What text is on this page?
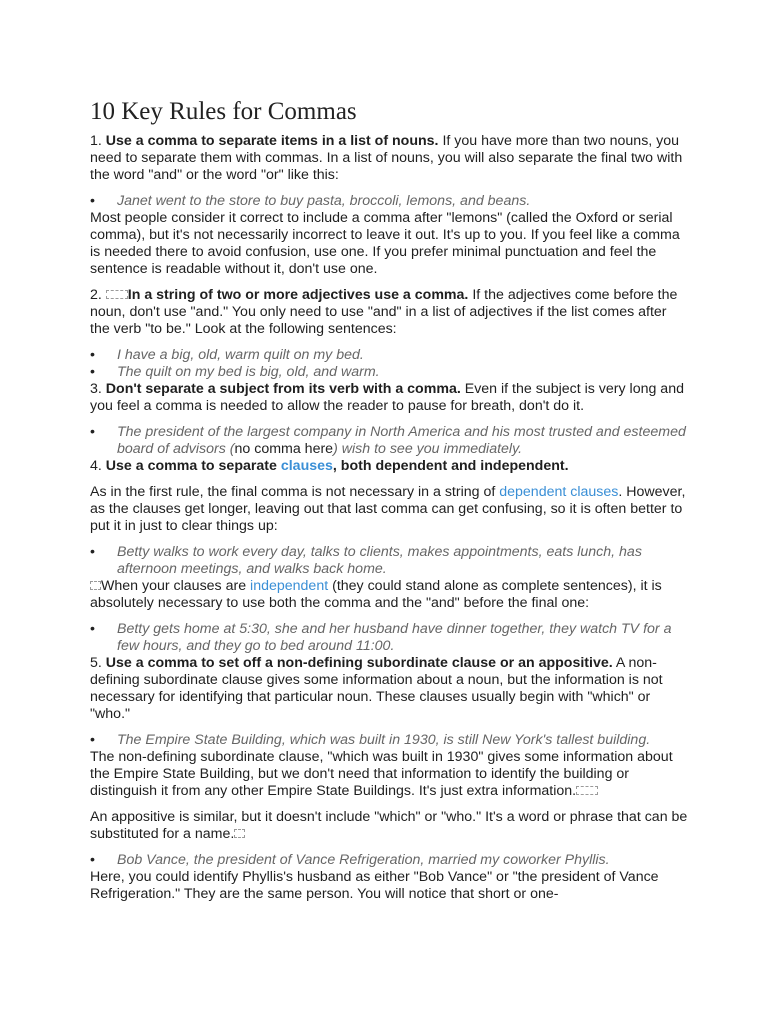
10 Key Rules for Commas

1. Use a comma to separate items in a list of nouns. If you have more than two nouns, you need to separate them with commas. In a list of nouns, you will also separate the final two with the word "and" or the word "or" like this:

• Janet went to the store to buy pasta, broccoli, lemons, and beans.

Most people consider it correct to include a comma after "lemons" (called the Oxford or serial comma), but it's not necessarily incorrect to leave it out. It's up to you. If you feel like a comma is needed there to avoid confusion, use one. If you prefer minimal punctuation and feel the sentence is readable without it, don't use one.

2. In a string of two or more adjectives use a comma. If the adjectives come before the noun, don't use "and." You only need to use "and" in a list of adjectives if the list comes after the verb "to be." Look at the following sentences:

• I have a big, old, warm quilt on my bed.
• The quilt on my bed is big, old, and warm.

3. Don't separate a subject from its verb with a comma. Even if the subject is very long and you feel a comma is needed to allow the reader to pause for breath, don't do it.

• The president of the largest company in North America and his most trusted and esteemed board of advisors (no comma here) wish to see you immediately.

4. Use a comma to separate clauses, both dependent and independent.

As in the first rule, the final comma is not necessary in a string of dependent clauses. However, as the clauses get longer, leaving out that last comma can get confusing, so it is often better to put it in just to clear things up:

• Betty walks to work every day, talks to clients, makes appointments, eats lunch, has afternoon meetings, and walks back home.

When your clauses are independent (they could stand alone as complete sentences), it is absolutely necessary to use both the comma and the "and" before the final one:

• Betty gets home at 5:30, she and her husband have dinner together, they watch TV for a few hours, and they go to bed around 11:00.

5. Use a comma to set off a non-defining subordinate clause or an appositive. A non-defining subordinate clause gives some information about a noun, but the information is not necessary for identifying that particular noun. These clauses usually begin with "which" or "who."

• The Empire State Building, which was built in 1930, is still New York's tallest building.

The non-defining subordinate clause, "which was built in 1930" gives some information about the Empire State Building, but we don't need that information to identify the building or distinguish it from any other Empire State Buildings. It's just extra information.

An appositive is similar, but it doesn't include "which" or "who." It's a word or phrase that can be substituted for a name.

• Bob Vance, the president of Vance Refrigeration, married my coworker Phyllis.

Here, you could identify Phyllis's husband as either "Bob Vance" or "the president of Vance Refrigeration." They are the same person. You will notice that short or one-
